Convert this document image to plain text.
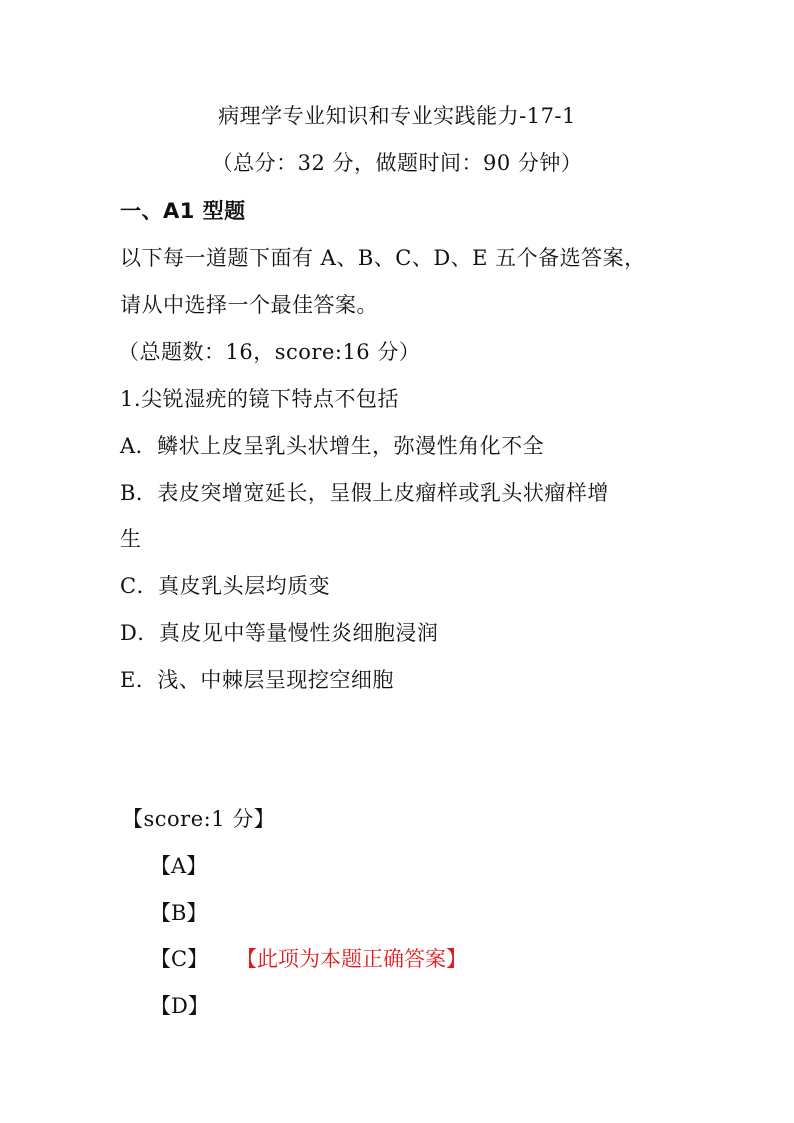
病理学专业知识和专业实践能力-17-1
（总分：32 分，做题时间：90 分钟）
一、A1 型题
以下每一道题下面有 A、B、C、D、E 五个备选答案，
请从中选择一个最佳答案。
（总题数：16，score:16 分）
1.尖锐湿疣的镜下特点不包括
A．鳞状上皮呈乳头状增生，弥漫性角化不全
B．表皮突增宽延长，呈假上皮瘤样或乳头状瘤样增
生
C．真皮乳头层均质变
D．真皮见中等量慢性炎细胞浸润
E．浅、中棘层呈现挖空细胞
【score:1 分】
【A】
【B】
【C】 【此项为本题正确答案】
【D】
